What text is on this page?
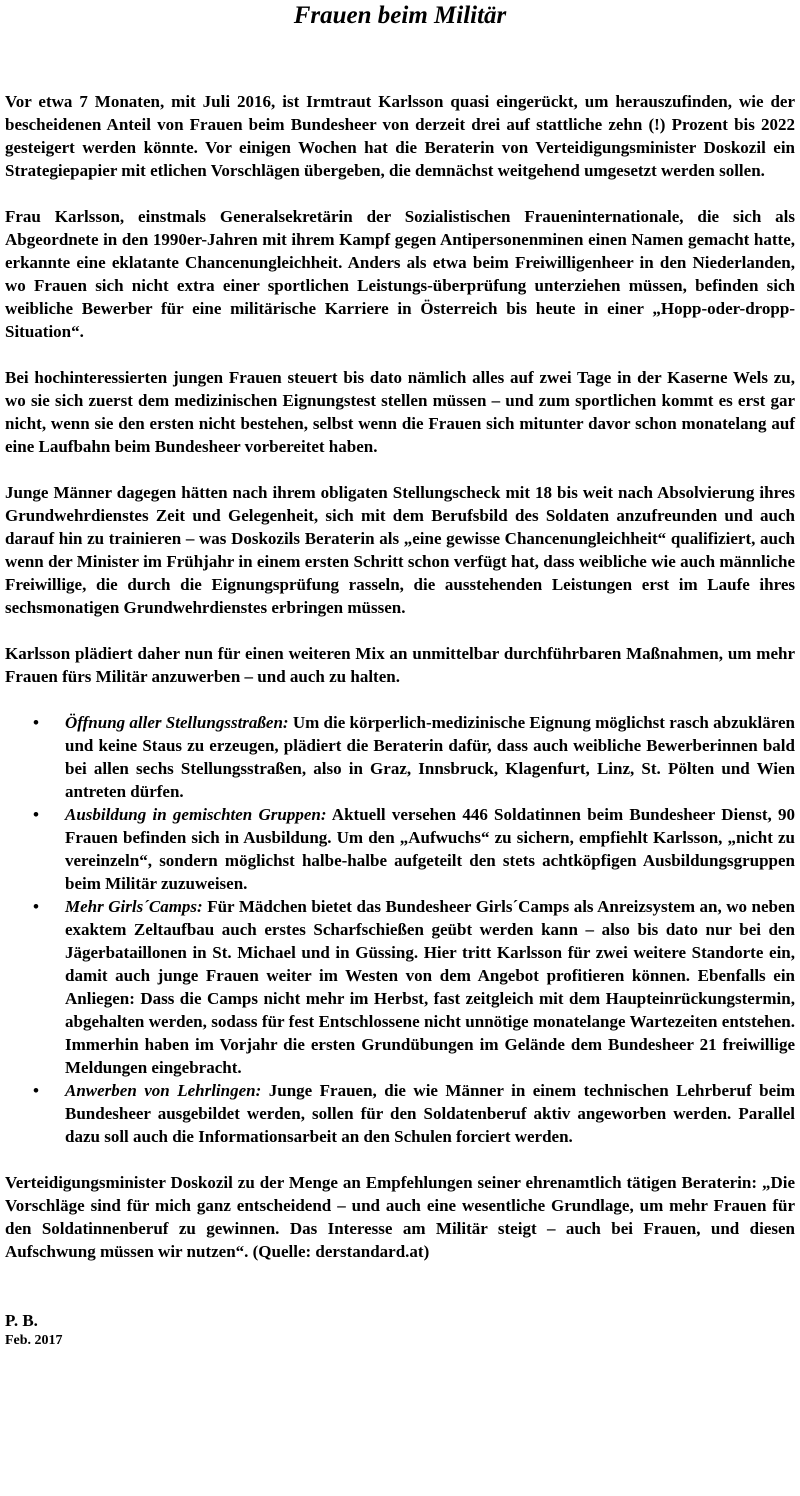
Frauen beim Militär

Vor etwa 7 Monaten, mit Juli 2016, ist Irmtraut Karlsson quasi eingerückt, um herauszufinden, wie der bescheidenen Anteil von Frauen beim Bundesheer von derzeit drei auf stattliche zehn (!) Prozent bis 2022 gesteigert werden könnte. Vor einigen Wochen hat die Beraterin von Verteidigungsminister Doskozil ein Strategiepapier mit etlichen Vorschlägen übergeben, die demnächst weitgehend umgesetzt werden sollen.

Frau Karlsson, einstmals Generalsekretärin der Sozialistischen Fraueninternationale, die sich als Abgeordnete in den 1990er-Jahren mit ihrem Kampf gegen Antipersonenminen einen Namen gemacht hatte, erkannte eine eklatante Chancenungleichheit. Anders als etwa beim Freiwilligenheer in den Niederlanden, wo Frauen sich nicht extra einer sportlichen Leistungs-überprüfung unterziehen müssen, befinden sich weibliche Bewerber für eine militärische Karriere in Österreich bis heute in einer „Hopp-oder-dropp-Situation“.

Bei hochinteressierten jungen Frauen steuert bis dato nämlich alles auf zwei Tage in der Kaserne Wels zu, wo sie sich zuerst dem medizinischen Eignungstest stellen müssen – und zum sportlichen kommt es erst gar nicht, wenn sie den ersten nicht bestehen, selbst wenn die Frauen sich mitunter davor schon monatelang auf eine Laufbahn beim Bundesheer vorbereitet haben.

Junge Männer dagegen hätten nach ihrem obligaten Stellungscheck mit 18 bis weit nach Absolvierung ihres Grundwehrdienstes Zeit und Gelegenheit, sich mit dem Berufsbild des Soldaten anzufreunden und auch darauf hin zu trainieren – was Doskozils Beraterin als „eine gewisse Chancenungleichheit“ qualifiziert, auch wenn der Minister im Frühjahr in einem ersten Schritt schon verfügt hat, dass weibliche wie auch männliche Freiwillige, die durch die Eignungsprüfung rasseln, die ausstehenden Leistungen erst im Laufe ihres sechsmonatigen Grundwehrdienstes erbringen müssen.

Karlsson plädiert daher nun für einen weiteren Mix an unmittelbar durchführbaren Maßnahmen, um mehr Frauen fürs Militär anzuwerben – und auch zu halten.

• Öffnung aller Stellungsstraßen: Um die körperlich-medizinische Eignung möglichst rasch abzuklären und keine Staus zu erzeugen, plädiert die Beraterin dafür, dass auch weibliche Bewerberinnen bald bei allen sechs Stellungsstraßen, also in Graz, Innsbruck, Klagenfurt, Linz, St. Pölten und Wien antreten dürfen.
• Ausbildung in gemischten Gruppen: Aktuell versehen 446 Soldatinnen beim Bundesheer Dienst, 90 Frauen befinden sich in Ausbildung. Um den „Aufwuchs“ zu sichern, empfiehlt Karlsson, „nicht zu vereinzeln“, sondern möglichst halbe-halbe aufgeteilt den stets achtköpfigen Ausbildungsgruppen beim Militär zuzuweisen.
• Mehr Girls´Camps: Für Mädchen bietet das Bundesheer Girls´Camps als Anreizsystem an, wo neben exaktem Zeltaufbau auch erstes Scharfschießen geübt werden kann – also bis dato nur bei den Jägerbataillonen in St. Michael und in Güssing. Hier tritt Karlsson für zwei weitere Standorte ein, damit auch junge Frauen weiter im Westen von dem Angebot profitieren können. Ebenfalls ein Anliegen: Dass die Camps nicht mehr im Herbst, fast zeitgleich mit dem Haupteinrückungstermin, abgehalten werden, sodass für fest Entschlossene nicht unnötige monatelange Wartezeiten entstehen. Immerhin haben im Vorjahr die ersten Grundübungen im Gelände dem Bundesheer 21 freiwillige Meldungen eingebracht.
• Anwerben von Lehrlingen: Junge Frauen, die wie Männer in einem technischen Lehrberuf beim Bundesheer ausgebildet werden, sollen für den Soldatenberuf aktiv angeworben werden. Parallel dazu soll auch die Informationsarbeit an den Schulen forciert werden.

Verteidigungsminister Doskozil zu der Menge an Empfehlungen seiner ehrenamtlich tätigen Beraterin: „Die Vorschläge sind für mich ganz entscheidend – und auch eine wesentliche Grundlage, um mehr Frauen für den Soldatinnenberuf zu gewinnen. Das Interesse am Militär steigt – auch bei Frauen, und diesen Aufschwung müssen wir nutzen“. (Quelle: derstandard.at)

P. B.

Feb. 2017
